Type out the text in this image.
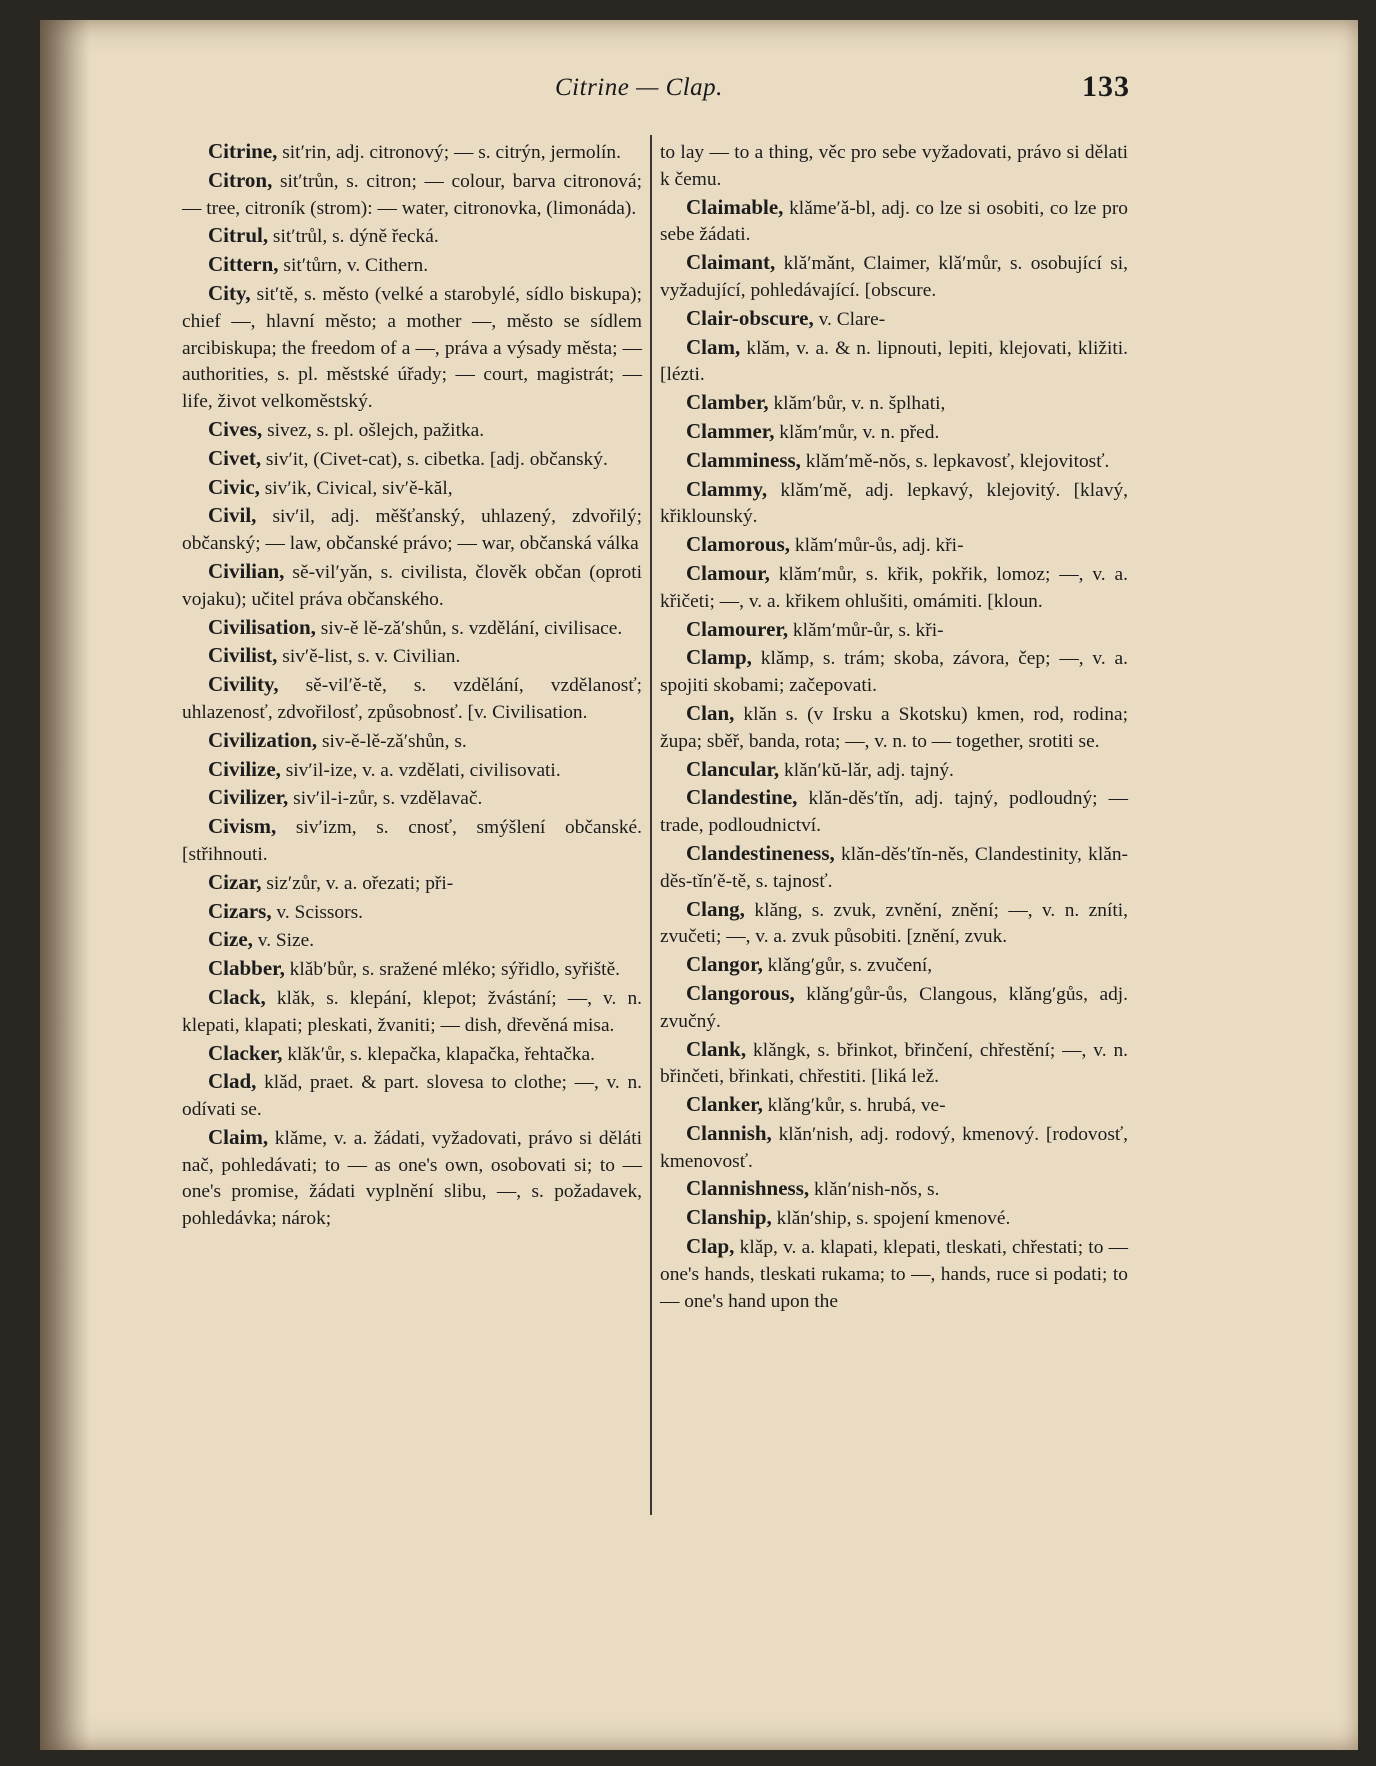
Citrine — Clap.	133

Citrine, sit′rin, adj. citronový; — s. citrýn, jermolín.

Citron, sit′trůn, s. citron; — colour, barva citronová; — tree, citroník (strom): — water, citronovka, (limonáda).

Citrul, sit′trůl, s. dýně řecká.

Cittern, sit′tůrn, v. Cithern.

City, sit′tě, s. město (velké a starobylé, sídlo biskupa); chief —, hlavní město; a mother —, město se sídlem arcibiskupa; the freedom of a —, práva a výsady města; — authorities, s. pl. městské úřady; — court, magistrát; — life, život velkoměstský.

Cives, sivez, s. pl. ošlejch, pažitka.

Civet, siv′it, (Civet-cat), s. cibetka. [adj. občanský.

Civic, siv′ik, Civical, siv′ě-kăl,

Civil, siv′il, adj. měšťanský, uhlazený, zdvořilý; občanský; — law, občanské právo; — war, občanská válka

Civilian, sě-vil′yǎn, s. civilista, člověk občan (oproti vojaku); učitel práva občanského.

Civilisation, siv-ě lě-zǎ′shůn, s. vzdělání, civilisace.

Civilist, siv′ě-list, s. v. Civilian.

Civility, sě-vil′ě-tě, s. vzdělání, vzdělanosť; uhlazenosť, zdvořilosť, způsobnosť. [v. Civilisation.

Civilization, siv-ě-lě-zǎ′shůn, s.

Civilize, siv′il-ize, v. a. vzdělati, civilisovati.

Civilizer, siv′il-i-zůr, s. vzdělavač.

Civism, siv′izm, s. cnosť, smýšlení občanské. [střihnouti.

Cizar, siz′zůr, v. a. ořezati; při-

Cizars, v. Scissors.

Cize, v. Size.

Clabber, klǎb′bůr, s. sražené mléko; sýřidlo, syřiště.

Clack, klǎk, s. klepání, klepot; žvástání; —, v. n. klepati, klapati; pleskati, žvaniti; — dish, dřevěná misa.

Clacker, klǎk′ůr, s. klepačka, klapačka, řehtačka.

Clad, klǎd, praet. & part. slovesa to clothe; —, v. n. odívati se.

Claim, klǎme, v. a. žádati, vyžadovati, právo si děláti nač, pohledávati; to — as one's own, osobovati si; to — one's promise, žádati vyplnění slibu, —, s. požadavek, pohledávka; nárok;

to lay — to a thing, věc pro sebe vyžadovati, právo si dělati k čemu.

Claimable, klǎme′ǎ-bl, adj. co lze si osobiti, co lze pro sebe žádati.

Claimant, klǎ′mǎnt, Claimer, klǎ′můr, s. osobující si, vyžadující, pohledávající. [obscure.

Clair-obscure, v. Clare-

Clam, klǎm, v. a. & n. lipnouti, lepiti, klejovati, kližiti. [lézti.

Clamber, klǎm′bůr, v. n. šplhati,

Clammer, klǎm′můr, v. n. před.

Clamminess, klǎm′mě-nǒs, s. lepkavosť, klejovitosť.

Clammy, klǎm′mě, adj. lepkavý, klejovitý. [klavý, křiklounský.

Clamorous, klǎm′můr-ůs, adj. kři-

Clamour, klǎm′můr, s. křik, pokřik, lomoz; —, v. a. křičeti; —, v. a. křikem ohlušiti, omámiti. [kloun.

Clamourer, klǎm′můr-ůr, s. kři-

Clamp, klǎmp, s. trám; skoba, závora, čep; —, v. a. spojiti skobami; začepovati.

Clan, klǎn s. (v Irsku a Skotsku) kmen, rod, rodina; župa; sběř, banda, rota; —, v. n. to — together, srotiti se.

Clancular, klǎn′kŭ-lǎr, adj. tajný.

Clandestine, klǎn-děs′tǐn, adj. tajný, podloudný; — trade, podloudnictví.

Clandestineness, klǎn-děs′tǐn-něs, Clandestinity, klǎn-děs-tǐn′ě-tě, s. tajnosť.

Clang, klǎng, s. zvuk, zvnění, znění; —, v. n. zníti, zvučeti; —, v. a. zvuk působiti. [znění, zvuk.

Clangor, klǎng′gůr, s. zvučení,

Clangorous, klǎng′gůr-ůs, Clangous, klǎng′gůs, adj. zvučný.

Clank, klǎngk, s. břinkot, břinčení, chřestění; —, v. n. břinčeti, břinkati, chřestiti. [liká lež.

Clanker, klǎng′kůr, s. hrubá, ve-

Clannish, klǎn′nish, adj. rodový, kmenový. [rodovosť, kmenovosť.

Clannishness, klǎn′nish-nǒs, s.

Clanship, klǎn′ship, s. spojení kmenové.

Clap, klǎp, v. a. klapati, klepati, tleskati, chřestati; to — one's hands, tleskati rukama; to —, hands, ruce si podati; to — one's hand upon the
